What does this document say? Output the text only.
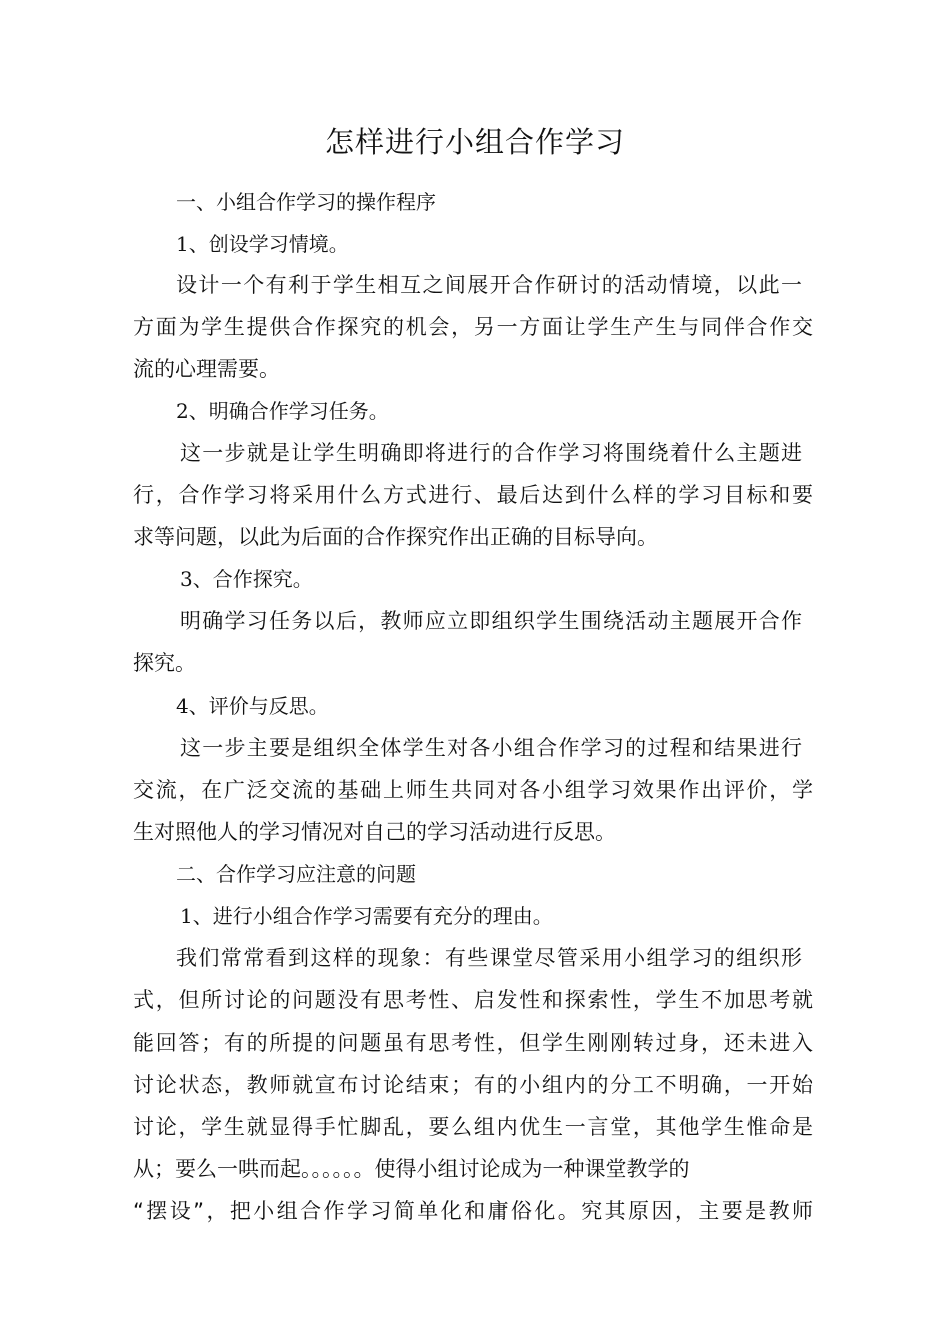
怎样进行小组合作学习
一、小组合作学习的操作程序
1、创设学习情境。
设计一个有利于学生相互之间展开合作研讨的活动情境，以此一
方面为学生提供合作探究的机会，另一方面让学生产生与同伴合作交
流的心理需要。
2、明确合作学习任务。
这一步就是让学生明确即将进行的合作学习将围绕着什么主题进
行，合作学习将采用什么方式进行、最后达到什么样的学习目标和要
求等问题，以此为后面的合作探究作出正确的目标导向。
3、合作探究。
明确学习任务以后，教师应立即组织学生围绕活动主题展开合作
探究。
4、评价与反思。
这一步主要是组织全体学生对各小组合作学习的过程和结果进行
交流，在广泛交流的基础上师生共同对各小组学习效果作出评价，学
生对照他人的学习情况对自己的学习活动进行反思。
二、合作学习应注意的问题
1、进行小组合作学习需要有充分的理由。
我们常常看到这样的现象：有些课堂尽管采用小组学习的组织形
式，但所讨论的问题没有思考性、启发性和探索性，学生不加思考就
能回答；有的所提的问题虽有思考性，但学生刚刚转过身，还未进入
讨论状态，教师就宣布讨论结束；有的小组内的分工不明确，一开始
讨论，学生就显得手忙脚乱，要么组内优生一言堂，其他学生惟命是
从；要么一哄而起。。。。。。使得小组讨论成为一种课堂教学的
“摆设”，把小组合作学习简单化和庸俗化。究其原因，主要是教师
